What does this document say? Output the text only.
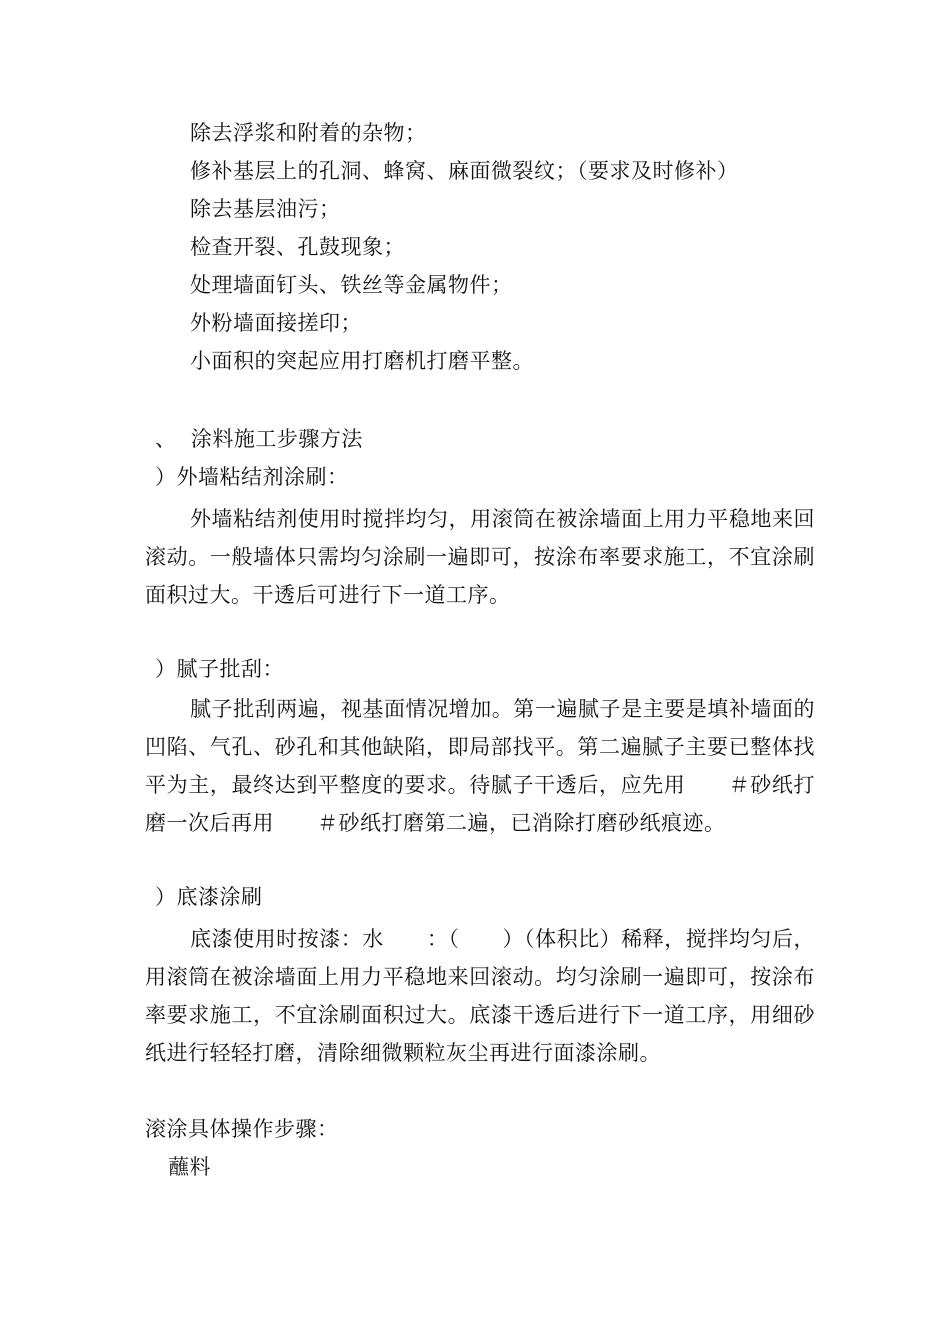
除去浮浆和附着的杂物；
修补基层上的孔洞、蜂窝、麻面微裂纹；（要求及时修补）
除去基层油污；
检查开裂、孔鼓现象；
处理墙面钉头、铁丝等金属物件；
外粉墙面接搓印；
小面积的突起应用打磨机打磨平整。
、  涂料施工步骤方法
）外墙粘结剂涂刷：

外墙粘结剂使用时搅拌均匀，用滚筒在被涂墙面上用力平稳地来回滚动。一般墙体只需均匀涂刷一遍即可，按涂布率要求施工，不宜涂刷面积过大。干透后可进行下一道工序。

）腻子批刮：

腻子批刮两遍，视基面情况增加。第一遍腻子是主要是填补墙面的凹陷、气孔、砂孔和其他缺陷，即局部找平。第二遍腻子主要已整体找平为主，最终达到平整度的要求。待腻子干透后，应先用　　＃砂纸打磨一次后再用　　＃砂纸打磨第二遍，已消除打磨砂纸痕迹。

）底漆涂刷

底漆使用时按漆：水　　：（　　）（体积比）稀释，搅拌均匀后，用滚筒在被涂墙面上用力平稳地来回滚动。均匀涂刷一遍即可，按涂布率要求施工，不宜涂刷面积过大。底漆干透后进行下一道工序，用细砂纸进行轻轻打磨，清除细微颗粒灰尘再进行面漆涂刷。

滚涂具体操作步骤：
蘸料
